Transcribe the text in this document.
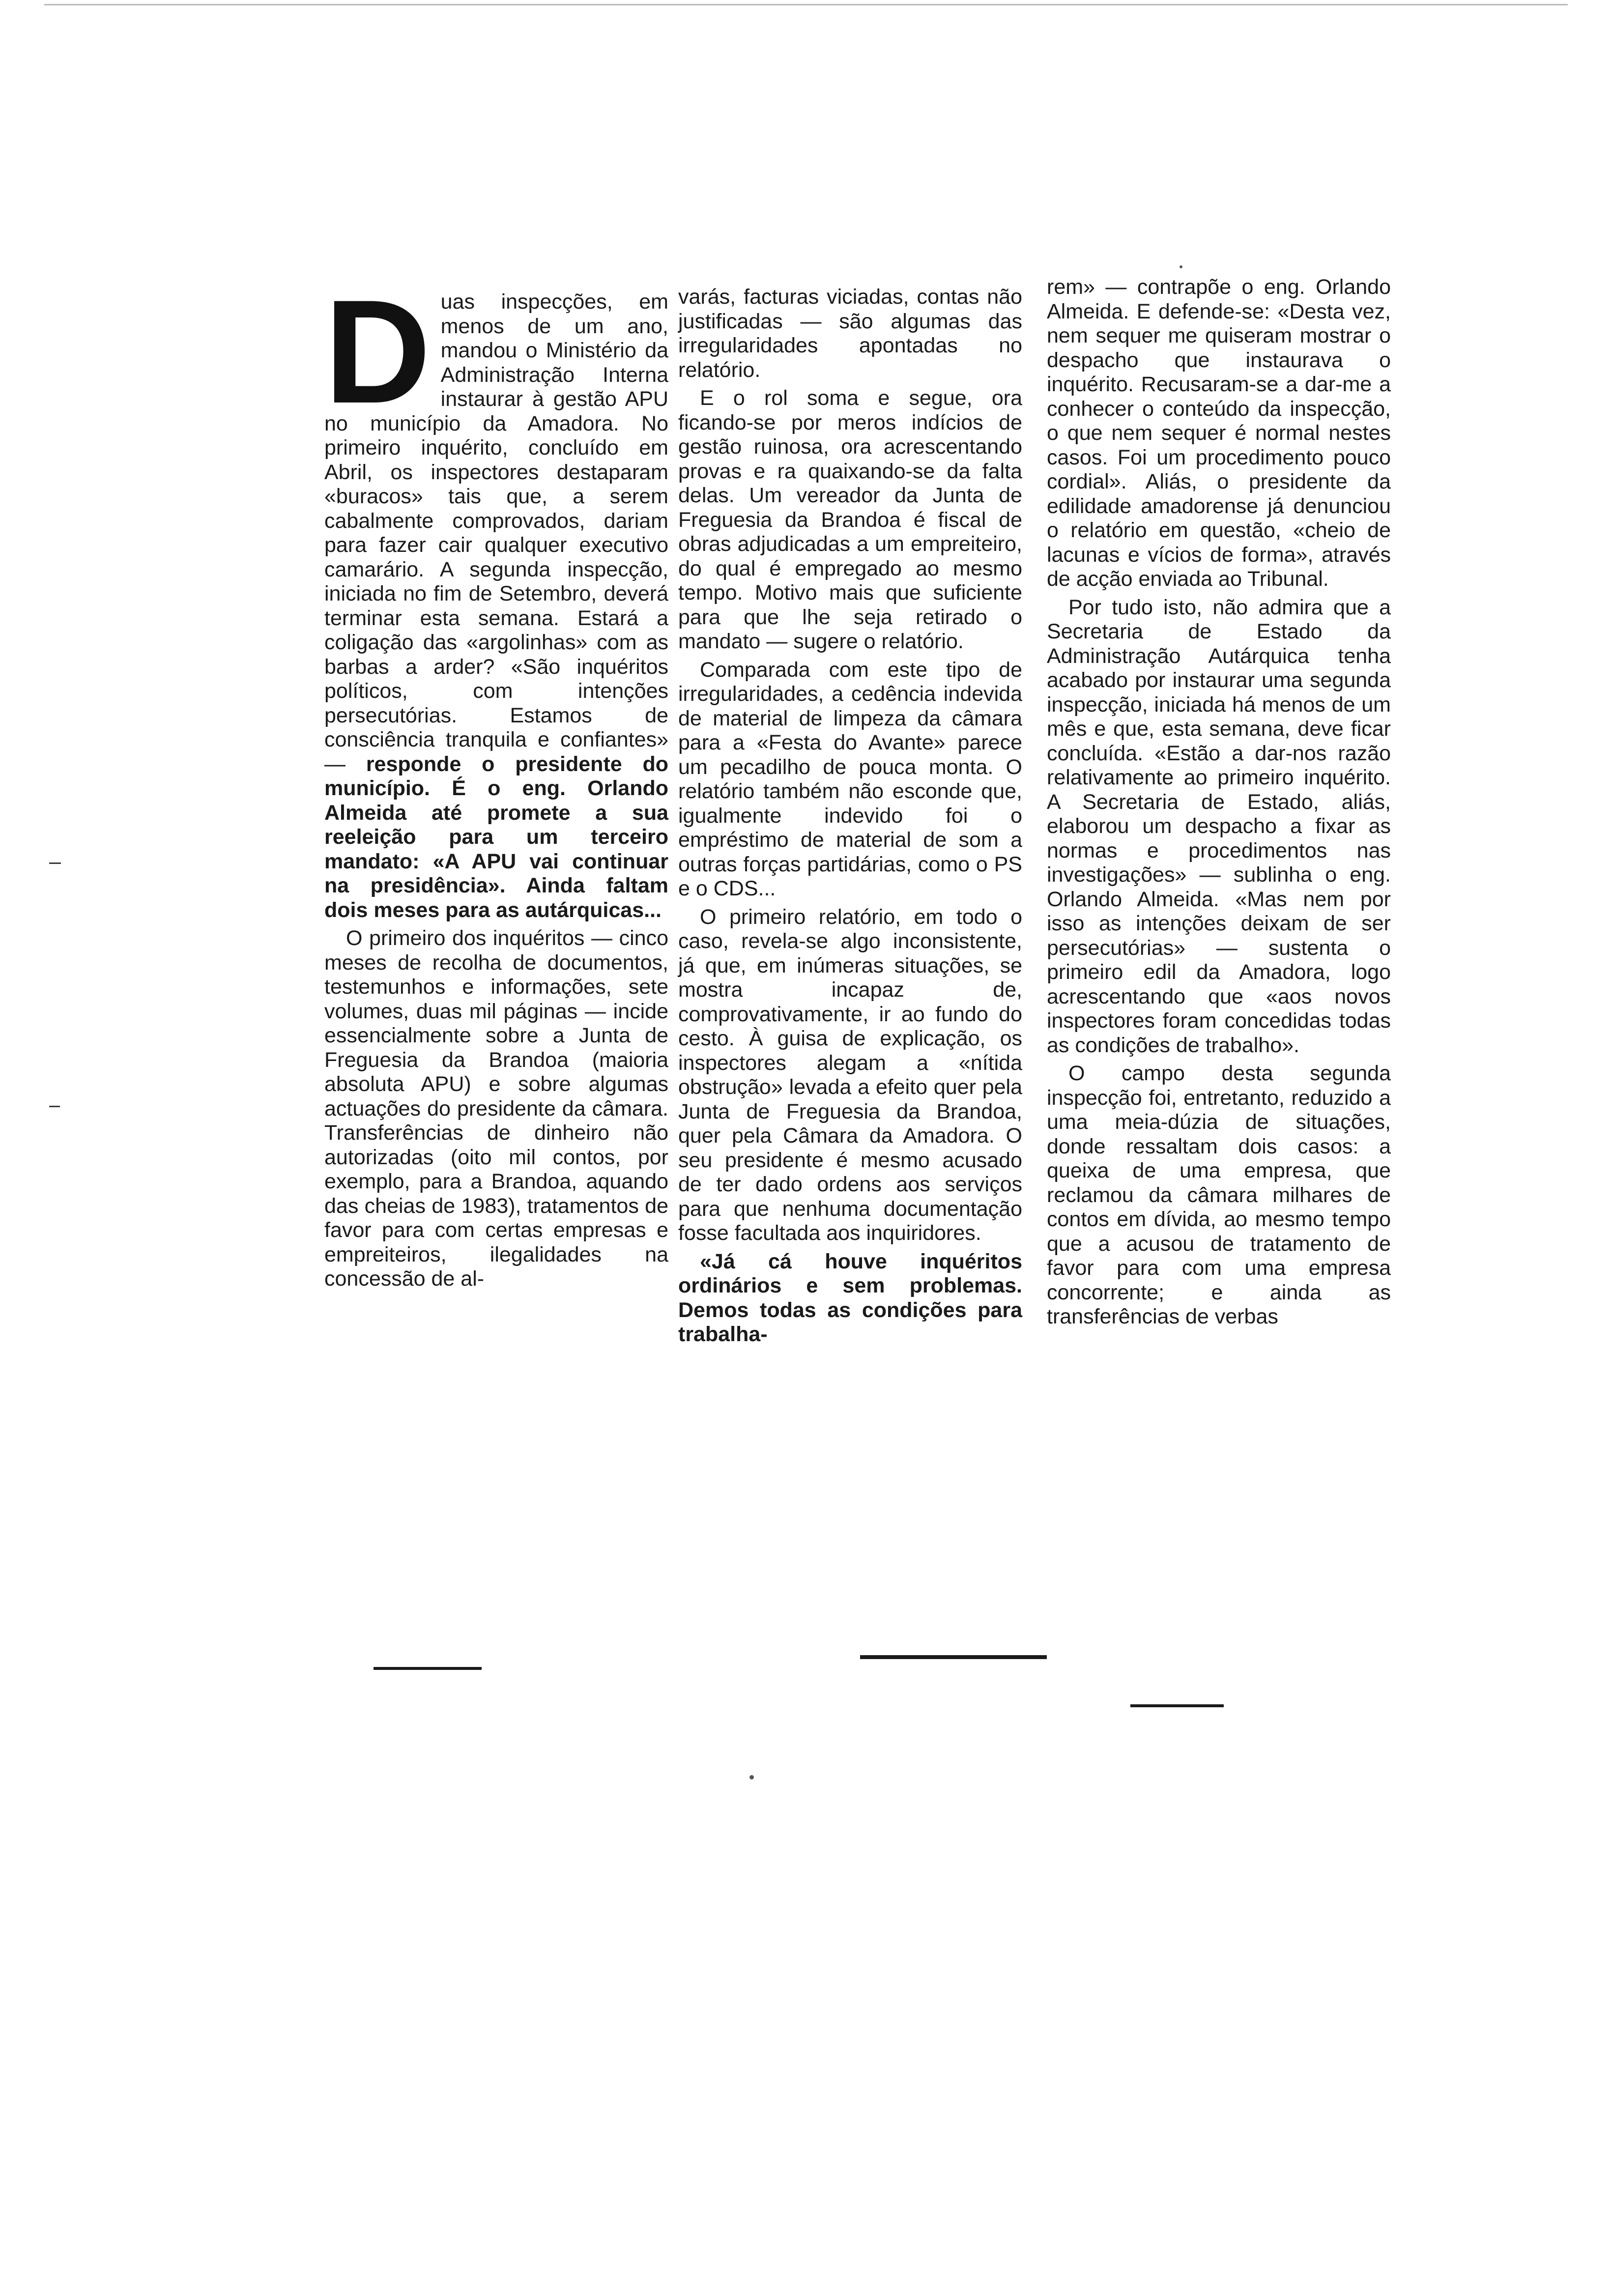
D uas inspecções, em menos de um ano, mandou o Ministério da Administração Interna instaurar à gestão APU no município da Amadora. No primeiro inquérito, concluído em Abril, os inspectores destaparam «buracos» tais que, a serem cabalmente comprovados, dariam para fazer cair qualquer executivo camarário. A segunda inspecção, iniciada no fim de Setembro, deverá terminar esta semana. Estará a coligação das «argolinhas» com as barbas a arder? «São inquéritos políticos, com intenções persecutórias. Estamos de consciência tranquila e confiantes» — responde o presidente do município. É o eng. Orlando Almeida até promete a sua reeleição para um terceiro mandato: «A APU vai continuar na presidência». Ainda faltam dois meses para as autárquicas...

O primeiro dos inquéritos — cinco meses de recolha de documentos, testemunhos e informações, sete volumes, duas mil páginas — incide essencialmente sobre a Junta de Freguesia da Brandoa (maioria absoluta APU) e sobre algumas actuações do presidente da câmara. Transferências de dinheiro não autorizadas (oito mil contos, por exemplo, para a Brandoa, aquando das cheias de 1983), tratamentos de favor para com certas empresas e empreiteiros, ilegalidades na concessão de al-

varás, facturas viciadas, contas não justificadas — são algumas das irregularidades apontadas no relatório.

E o rol soma e segue, ora ficando-se por meros indícios de gestão ruinosa, ora acrescentando provas e ra quaixando-se da falta delas. Um vereador da Junta de Freguesia da Brandoa é fiscal de obras adjudicadas a um empreiteiro, do qual é empregado ao mesmo tempo. Motivo mais que suficiente para que lhe seja retirado o mandato — sugere o relatório.

Comparada com este tipo de irregularidades, a cedência indevida de material de limpeza da câmara para a «Festa do Avante» parece um pecadilho de pouca monta. O relatório também não esconde que, igualmente indevido foi o empréstimo de material de som a outras forças partidárias, como o PS e o CDS...

O primeiro relatório, em todo o caso, revela-se algo inconsistente, já que, em inúmeras situações, se mostra incapaz de, comprovativamente, ir ao fundo do cesto. À guisa de explicação, os inspectores alegam a «nítida obstrução» levada a efeito quer pela Junta de Freguesia da Brandoa, quer pela Câmara da Amadora. O seu presidente é mesmo acusado de ter dado ordens aos serviços para que nenhuma documentação fosse facultada aos inquiridores.

«Já cá houve inquéritos ordinários e sem problemas. Demos todas as condições para trabalha-

rem» — contrapõe o eng. Orlando Almeida. E defende-se: «Desta vez, nem sequer me quiseram mostrar o despacho que instaurava o inquérito. Recusaram-se a dar-me a conhecer o conteúdo da inspecção, o que nem sequer é normal nestes casos. Foi um procedimento pouco cordial». Aliás, o presidente da edilidade amadorense já denunciou o relatório em questão, «cheio de lacunas e vícios de forma», através de acção enviada ao Tribunal.

Por tudo isto, não admira que a Secretaria de Estado da Administração Autárquica tenha acabado por instaurar uma segunda inspecção, iniciada há menos de um mês e que, esta semana, deve ficar concluída. «Estão a dar-nos razão relativamente ao primeiro inquérito. A Secretaria de Estado, aliás, elaborou um despacho a fixar as normas e procedimentos nas investigações» — sublinha o eng. Orlando Almeida. «Mas nem por isso as intenções deixam de ser persecutórias» — sustenta o primeiro edil da Amadora, logo acrescentando que «aos novos inspectores foram concedidas todas as condições de trabalho».

O campo desta segunda inspecção foi, entretanto, reduzido a uma meia-dúzia de situações, donde ressaltam dois casos: a queixa de uma empresa, que reclamou da câmara milhares de contos em dívida, ao mesmo tempo que a acusou de tratamento de favor para com uma empresa concorrente; e ainda as transferências de verbas
